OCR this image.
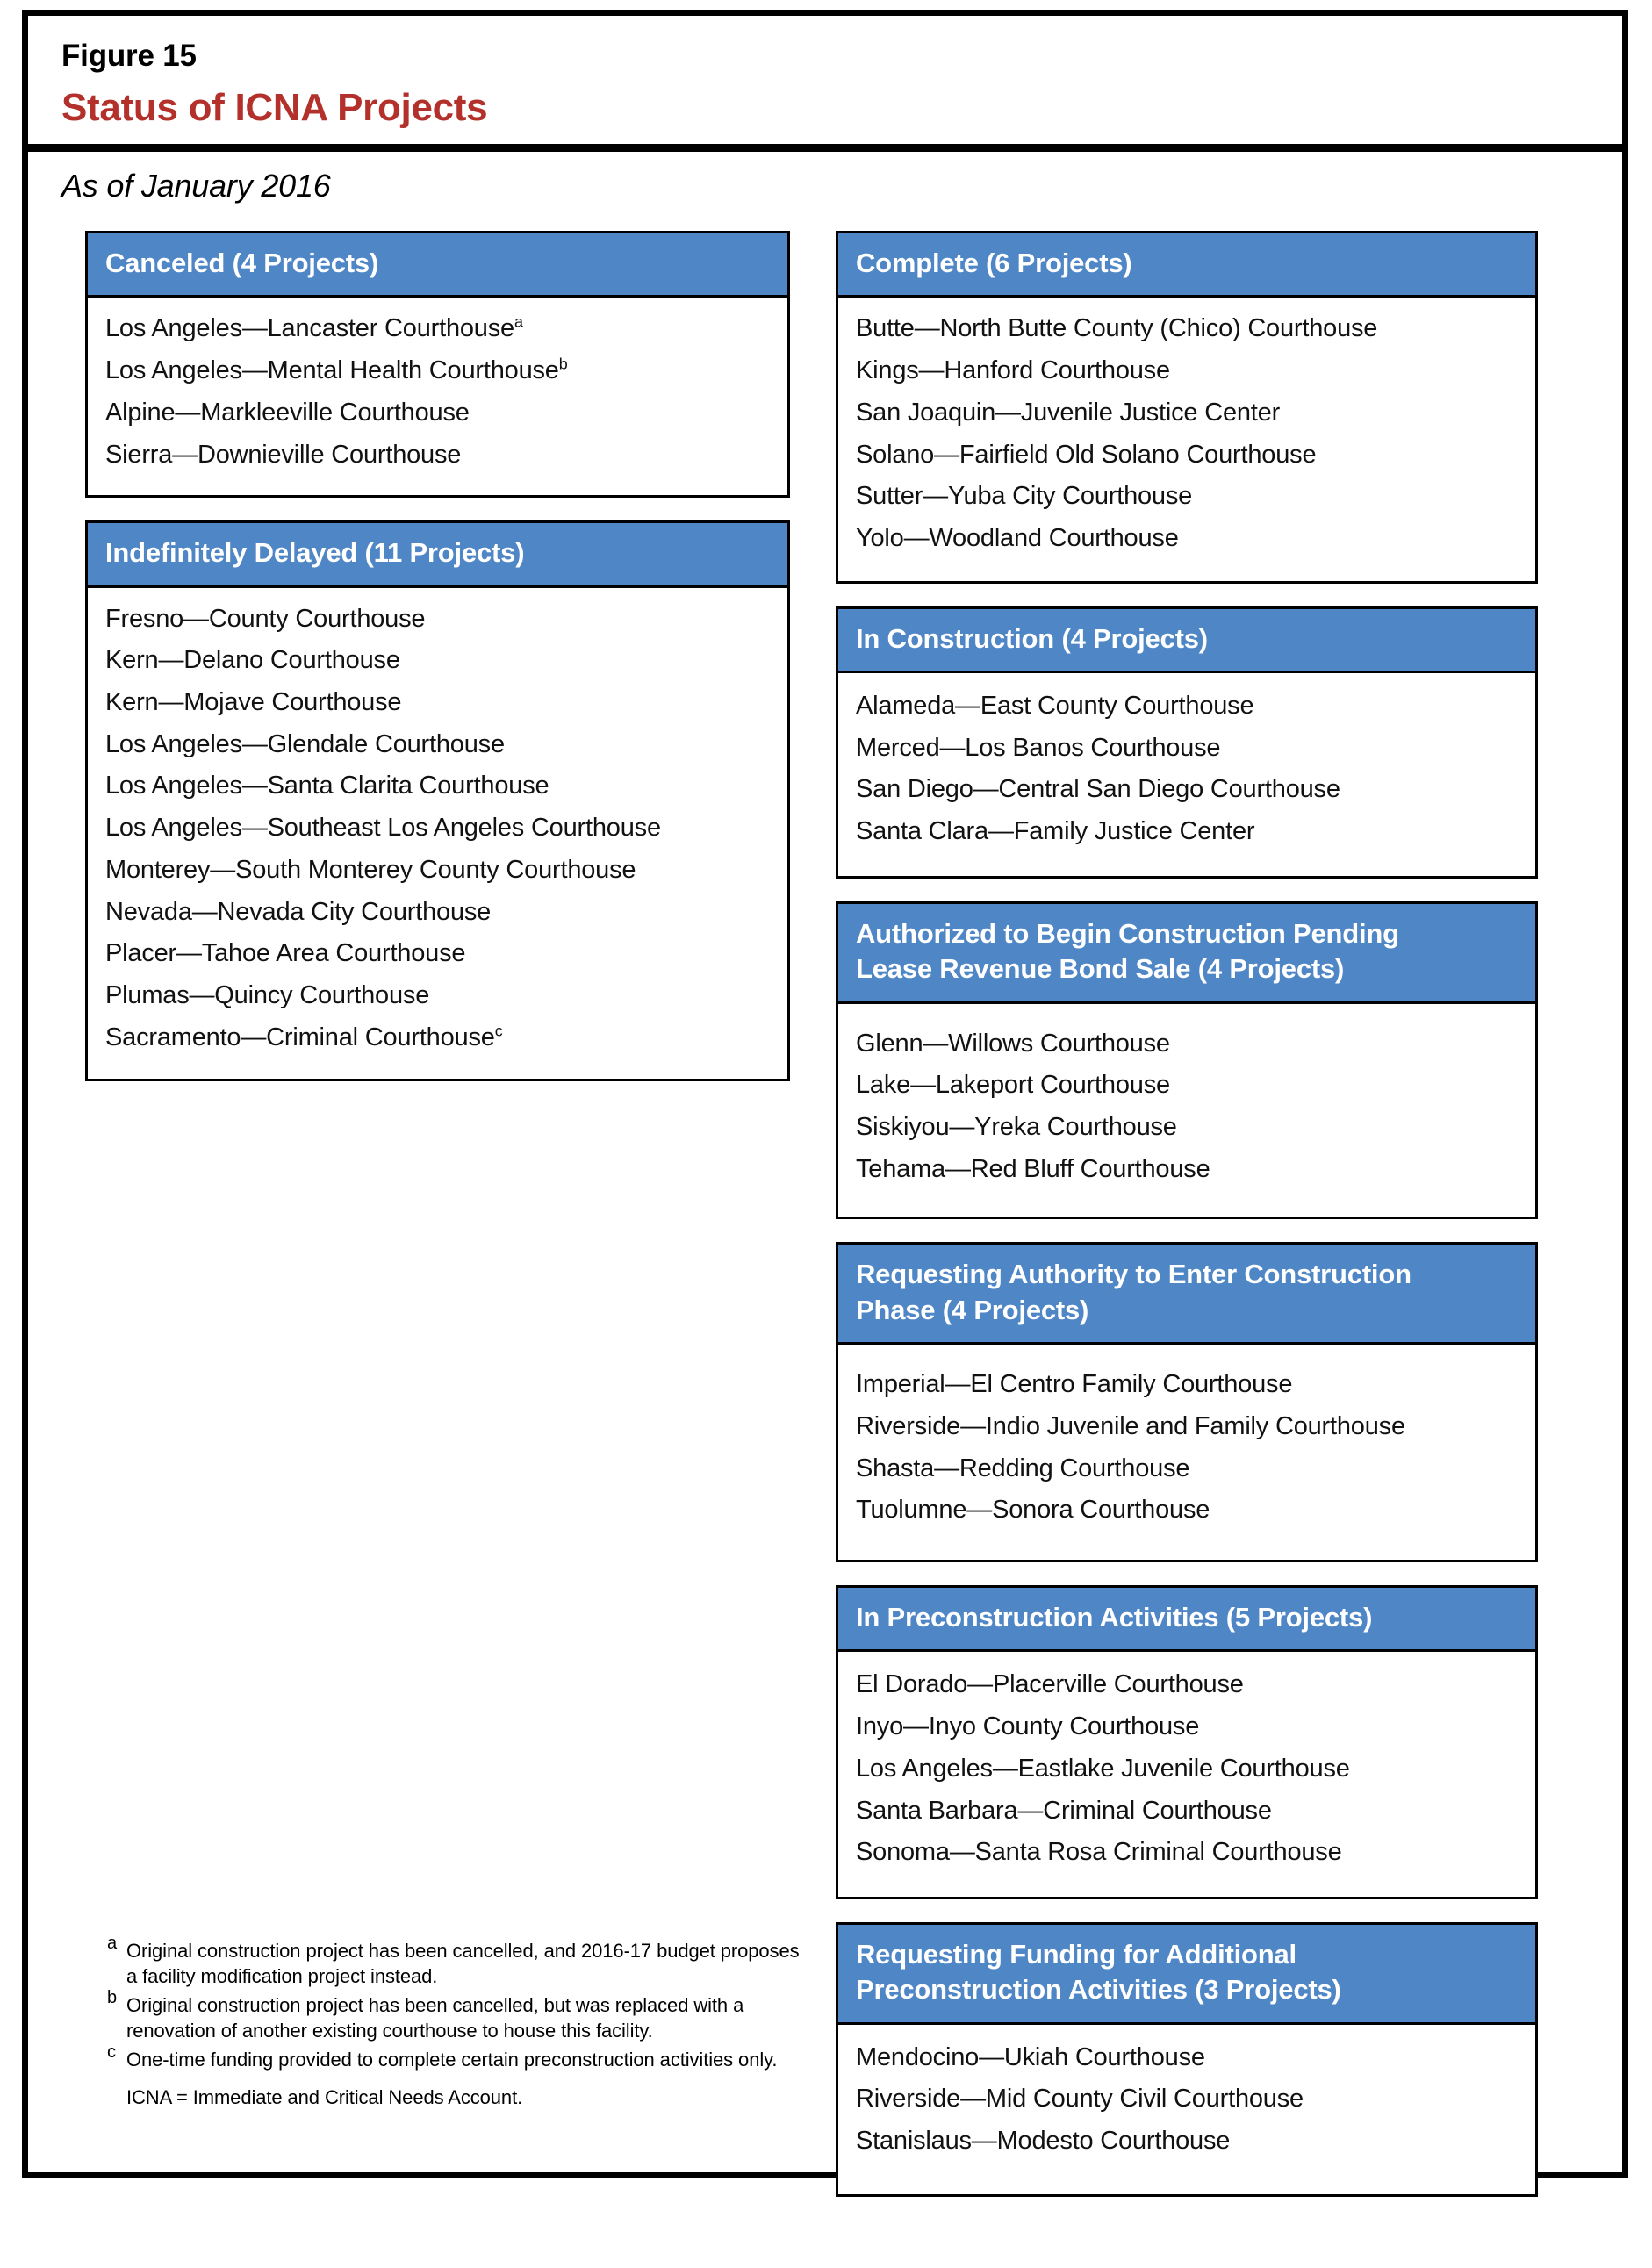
Figure 15
Status of ICNA Projects
As of January 2016
Canceled (4 Projects)
Los Angeles—Lancaster Courthouse$^a$
Los Angeles—Mental Health Courthouse$^b$
Alpine—Markleeville Courthouse
Sierra—Downieville Courthouse
Indefinitely Delayed (11 Projects)
Fresno—County Courthouse
Kern—Delano Courthouse
Kern—Mojave Courthouse
Los Angeles—Glendale Courthouse
Los Angeles—Santa Clarita Courthouse
Los Angeles—Southeast Los Angeles Courthouse
Monterey—South Monterey County Courthouse
Nevada—Nevada City Courthouse
Placer—Tahoe Area Courthouse
Plumas—Quincy Courthouse
Sacramento—Criminal Courthouse$^c$
Complete (6 Projects)
Butte—North Butte County (Chico) Courthouse
Kings—Hanford Courthouse
San Joaquin—Juvenile Justice Center
Solano—Fairfield Old Solano Courthouse
Sutter—Yuba City Courthouse
Yolo—Woodland Courthouse
In Construction (4 Projects)
Alameda—East County Courthouse
Merced—Los Banos Courthouse
San Diego—Central San Diego Courthouse
Santa Clara—Family Justice Center
Authorized to Begin Construction Pending
Lease Revenue Bond Sale (4 Projects)
Glenn—Willows Courthouse
Lake—Lakeport Courthouse
Siskiyou—Yreka Courthouse
Tehama—Red Bluff Courthouse
Requesting Authority to Enter Construction
Phase (4 Projects)
Imperial—El Centro Family Courthouse
Riverside—Indio Juvenile and Family Courthouse
Shasta—Redding Courthouse
Tuolumne—Sonora Courthouse
In Preconstruction Activities (5 Projects)
El Dorado—Placerville Courthouse
Inyo—Inyo County Courthouse
Los Angeles—Eastlake Juvenile Courthouse
Santa Barbara—Criminal Courthouse
Sonoma—Santa Rosa Criminal Courthouse
Requesting Funding for Additional
Preconstruction Activities (3 Projects)
Mendocino—Ukiah Courthouse
Riverside—Mid County Civil Courthouse
Stanislaus—Modesto Courthouse
a Original construction project has been cancelled, and 2016-17 budget proposes a facility modification project instead.
b Original construction project has been cancelled, but was replaced with a renovation of another existing courthouse to house this facility.
c One-time funding provided to complete certain preconstruction activities only.
ICNA = Immediate and Critical Needs Account.
